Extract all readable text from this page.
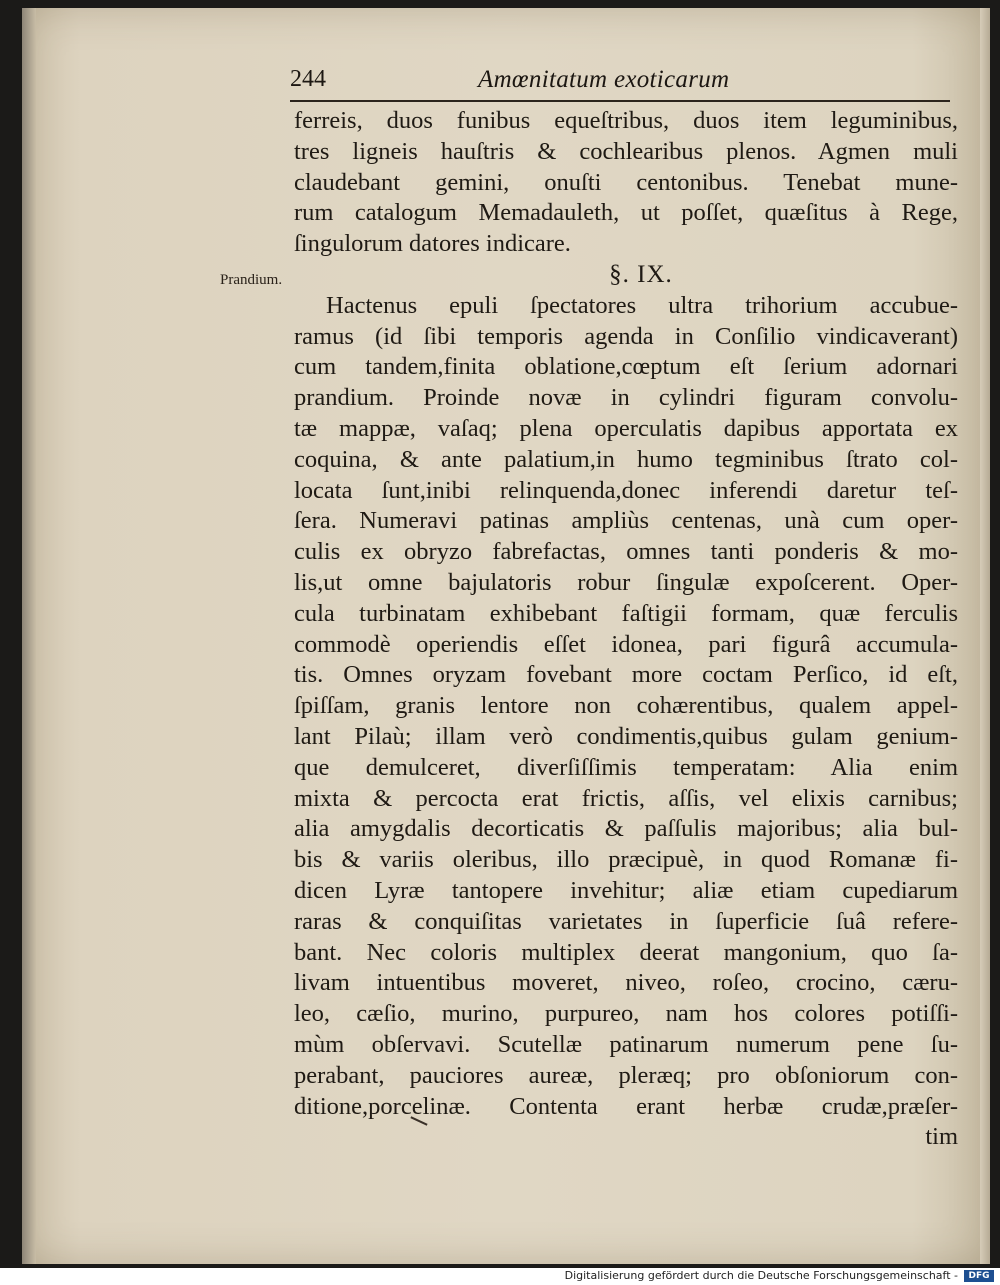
244	Amœnitatum exoticarum
Prandium.
ferreis, duos funibus equeſtribus, duos item leguminibus,
tres ligneis hauſtris & cochlearibus plenos. Agmen muli
claudebant gemini, onuſti centonibus. Tenebat mune-
rum catalogum Memadauleth, ut poſſet, quæſitus à Rege,
ſingulorum datores indicare.
§. IX.
Hactenus epuli ſpectatores ultra trihorium accubue-
ramus (id ſibi temporis agenda in Conſilio vindicaverant)
cum tandem,finita oblatione,cœptum eſt ſerium adornari
prandium. Proinde novæ in cylindri figuram convolu-
tæ mappæ, vaſaq; plena operculatis dapibus apportata ex
coquina, & ante palatium,in humo tegminibus ſtrato col-
locata ſunt,inibi relinquenda,donec inferendi daretur teſ-
ſera. Numeravi patinas ampliùs centenas, unà cum oper-
culis ex obryzo fabrefactas, omnes tanti ponderis & mo-
lis,ut omne bajulatoris robur ſingulæ expoſcerent. Oper-
cula turbinatam exhibebant faſtigii formam, quæ ferculis
commodè operiendis eſſet idonea, pari figurâ accumula-
tis. Omnes oryzam fovebant more coctam Perſico, id eſt,
ſpiſſam, granis lentore non cohærentibus, qualem appel-
lant Pilaù; illam verò condimentis,quibus gulam genium-
que demulceret, diverſiſſimis temperatam: Alia enim
mixta & percocta erat frictis, aſſis, vel elixis carnibus;
alia amygdalis decorticatis & paſſulis majoribus; alia bul-
bis & variis oleribus, illo præcipuè, in quod Romanæ fi-
dicen Lyræ tantopere invehitur; aliæ etiam cupediarum
raras & conquiſitas varietates in ſuperficie ſuâ refere-
bant. Nec coloris multiplex deerat mangonium, quo ſa-
livam intuentibus moveret, niveo, roſeo, crocino, cæru-
leo, cæſio, murino, purpureo, nam hos colores potiſſi-
mùm obſervavi. Scutellæ patinarum numerum pene ſu-
perabant, pauciores aureæ, pleræq; pro obſoniorum con-
ditione,porcelinæ. Contenta erant herbæ crudæ,præſer-
tim
Digitalisierung gefördert durch die Deutsche Forschungsgemeinschaft -	DFG
